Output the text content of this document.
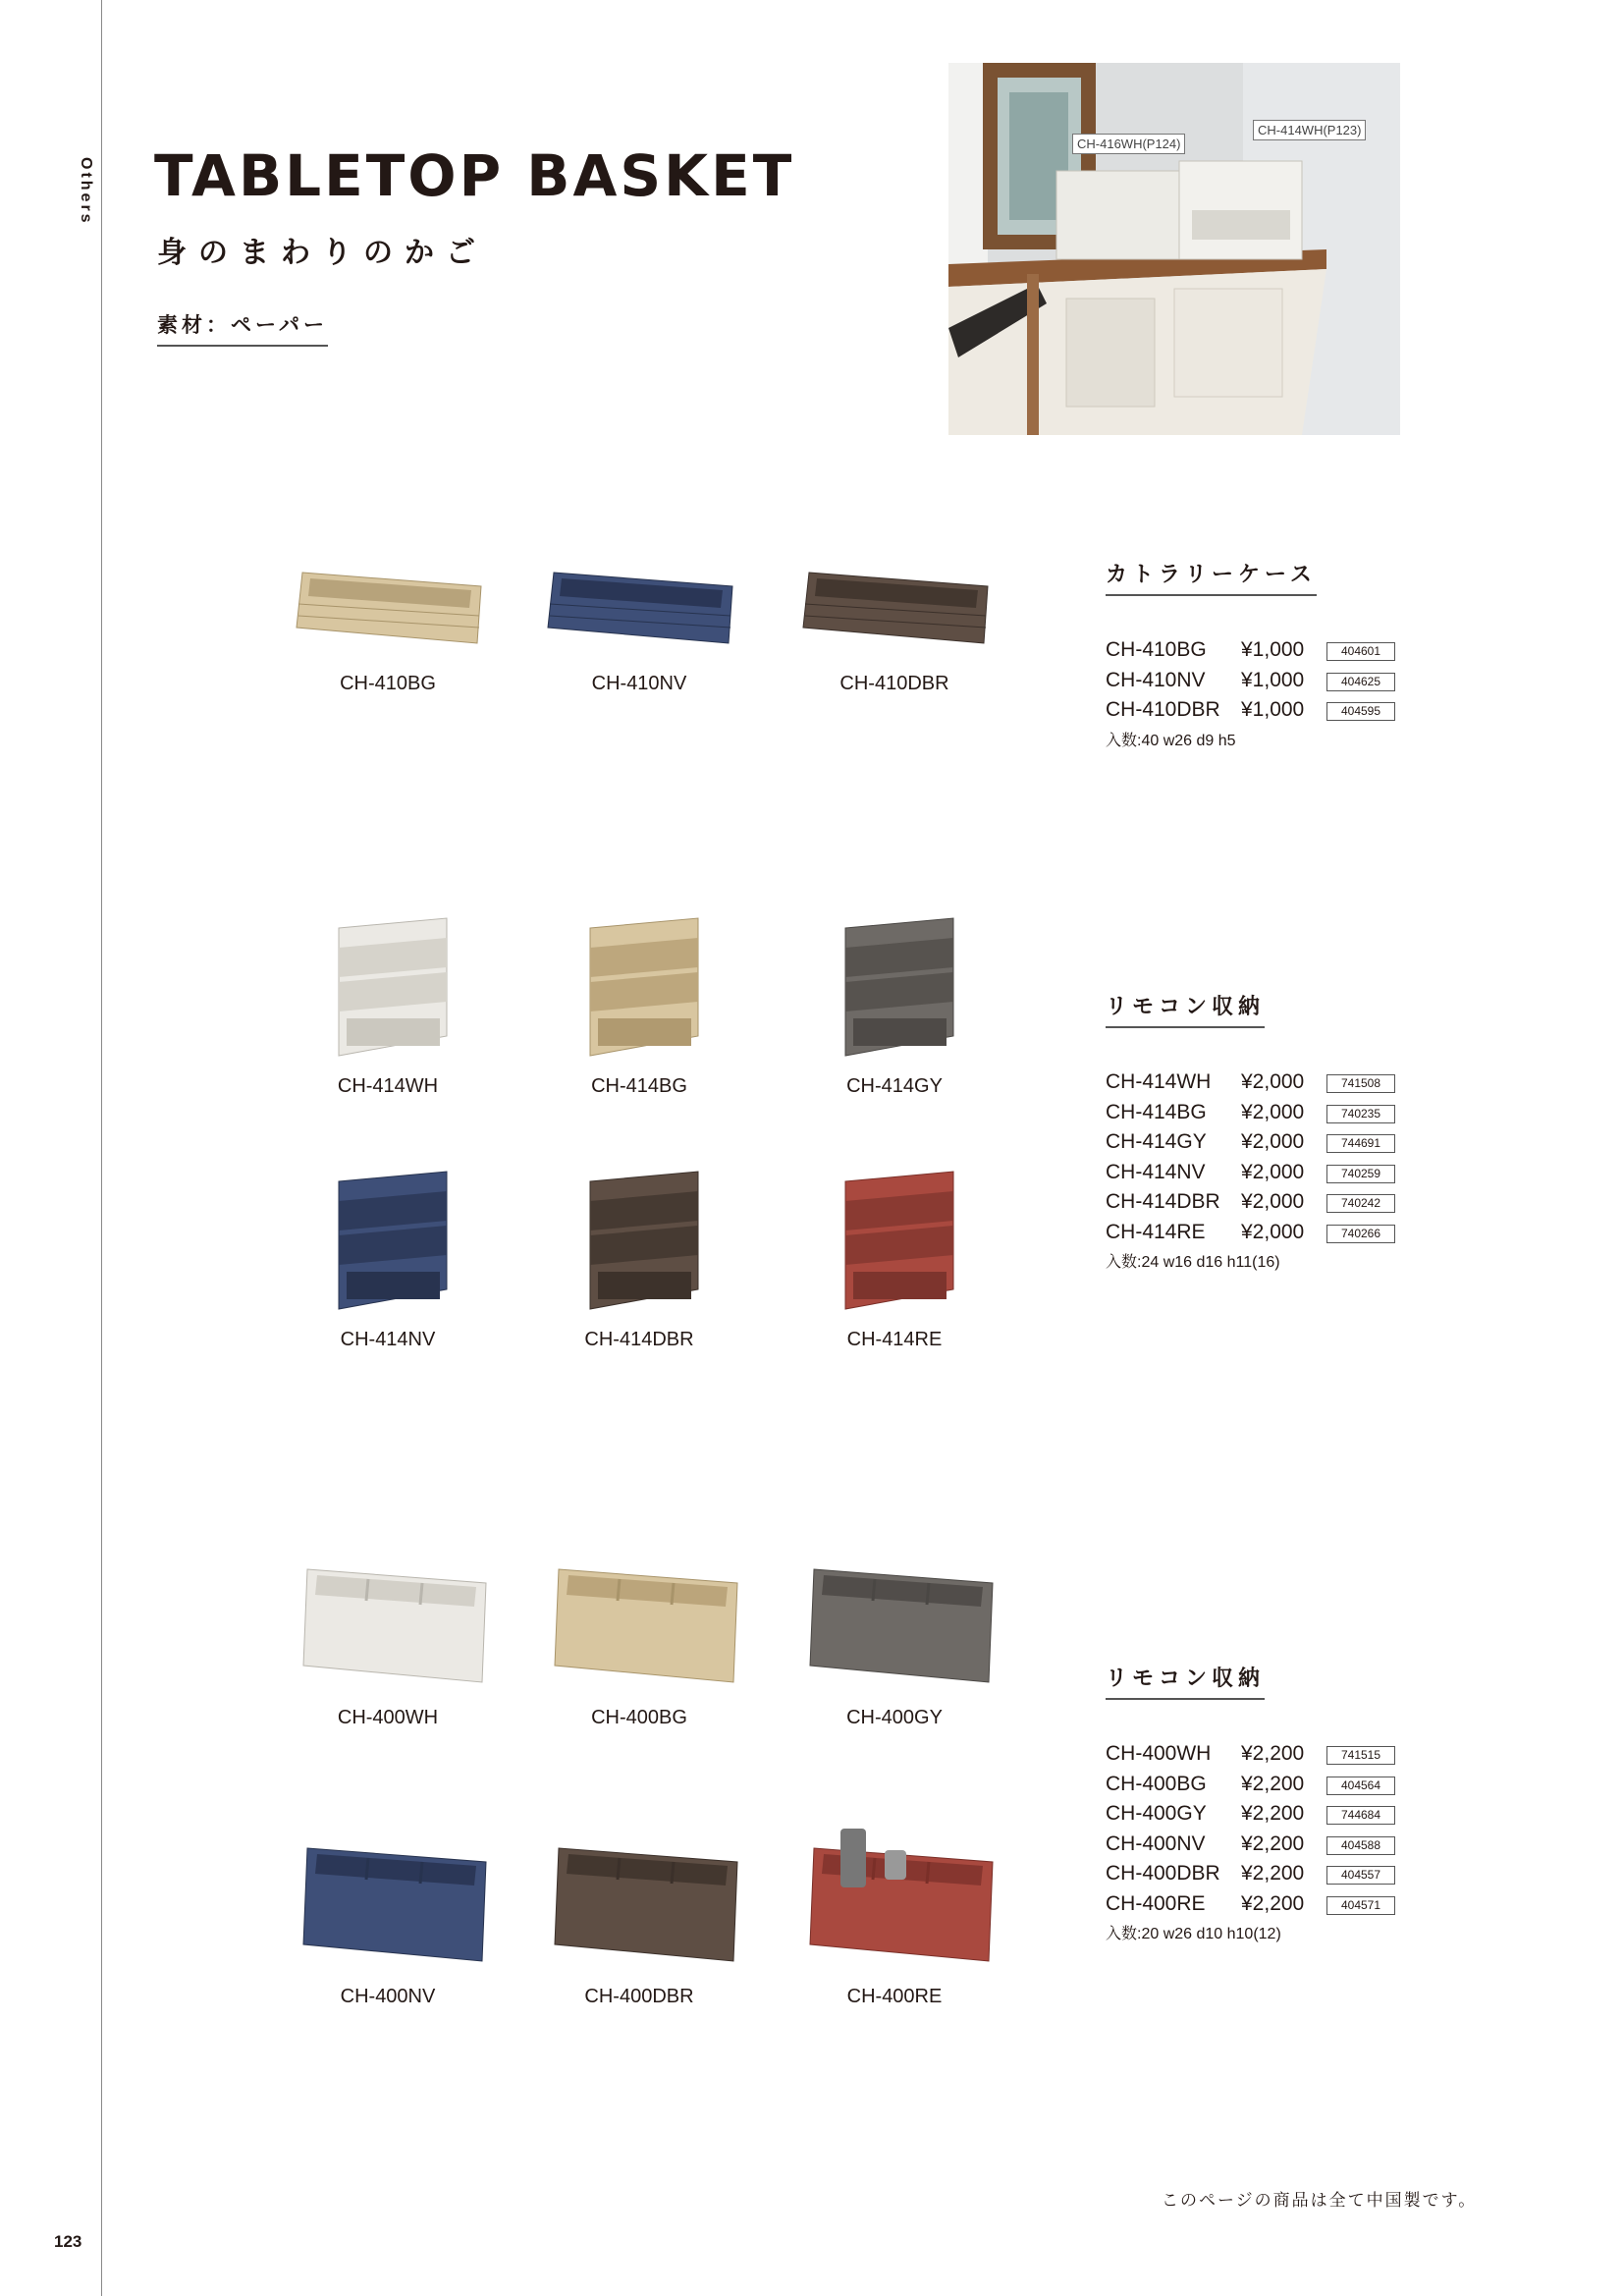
Others
123
TABLETOP BASKET
身のまわりのかご
素材：ペーパー
CH-416WH(P124)
CH-414WH(P123)
CH-410BG	CH-410NV	CH-410DBR
CH-414WH	CH-414BG	CH-414GY
CH-414NV	CH-414DBR	CH-414RE
CH-400WH	CH-400BG	CH-400GY
CH-400NV	CH-400DBR	CH-400RE
カトラリーケース
CH-410BG ¥1,000	404601
CH-410NV ¥1,000	404625
CH-410DBR ¥1,000	404595
入数:40 w26 d9 h5
リモコン収納
CH-414WH ¥2,000	741508
CH-414BG ¥2,000	740235
CH-414GY ¥2,000	744691
CH-414NV ¥2,000	740259
CH-414DBR ¥2,000	740242
CH-414RE ¥2,000	740266
入数:24 w16 d16 h11(16)
リモコン収納
CH-400WH ¥2,200	741515
CH-400BG ¥2,200	404564
CH-400GY ¥2,200	744684
CH-400NV ¥2,200	404588
CH-400DBR ¥2,200	404557
CH-400RE ¥2,200	404571
入数:20 w26 d10 h10(12)
このページの商品は全て中国製です。
